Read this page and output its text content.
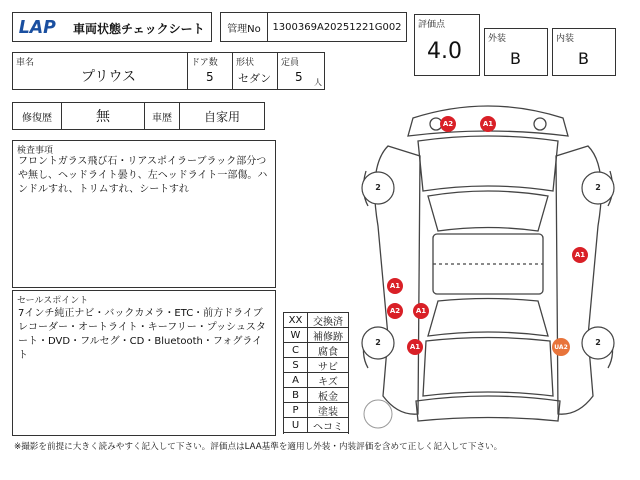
LAP 車両状態チェックシート	管理No	1300369A20251221G002	評価点
4.0	外装
B
内装
B
車名
プリウス
ドア数
5
形状
セダン
定員
5 人
修復歴	無	車歴	自家用
検査事項
フロントガラス飛び石・リアスポイラーブラック部分つや無し、ヘッドライト曇り、左ヘッドライト一部傷。ハンドルすれ、トリムすれ、シートすれ
セールスポイント
7インチ純正ナビ・バックカメラ・ETC・前方ドライブレコーダー・オートライト・キーフリー・プッシュスタート・DVD・フルセグ・CD・Bluetooth・フォグライト
XX	交換済
W	補修跡
C	腐食
S	サビ
A	キズ
B	板金
P	塗装
U	ヘコミ
2	2
2	2
A2	A1
A1
A1
A2	A1
A1	UA2
※撮影を前提に大きく読みやすく記入して下さい。評価点はLAA基準を適用し外装・内装評価を含めて正しく記入して下さい。
